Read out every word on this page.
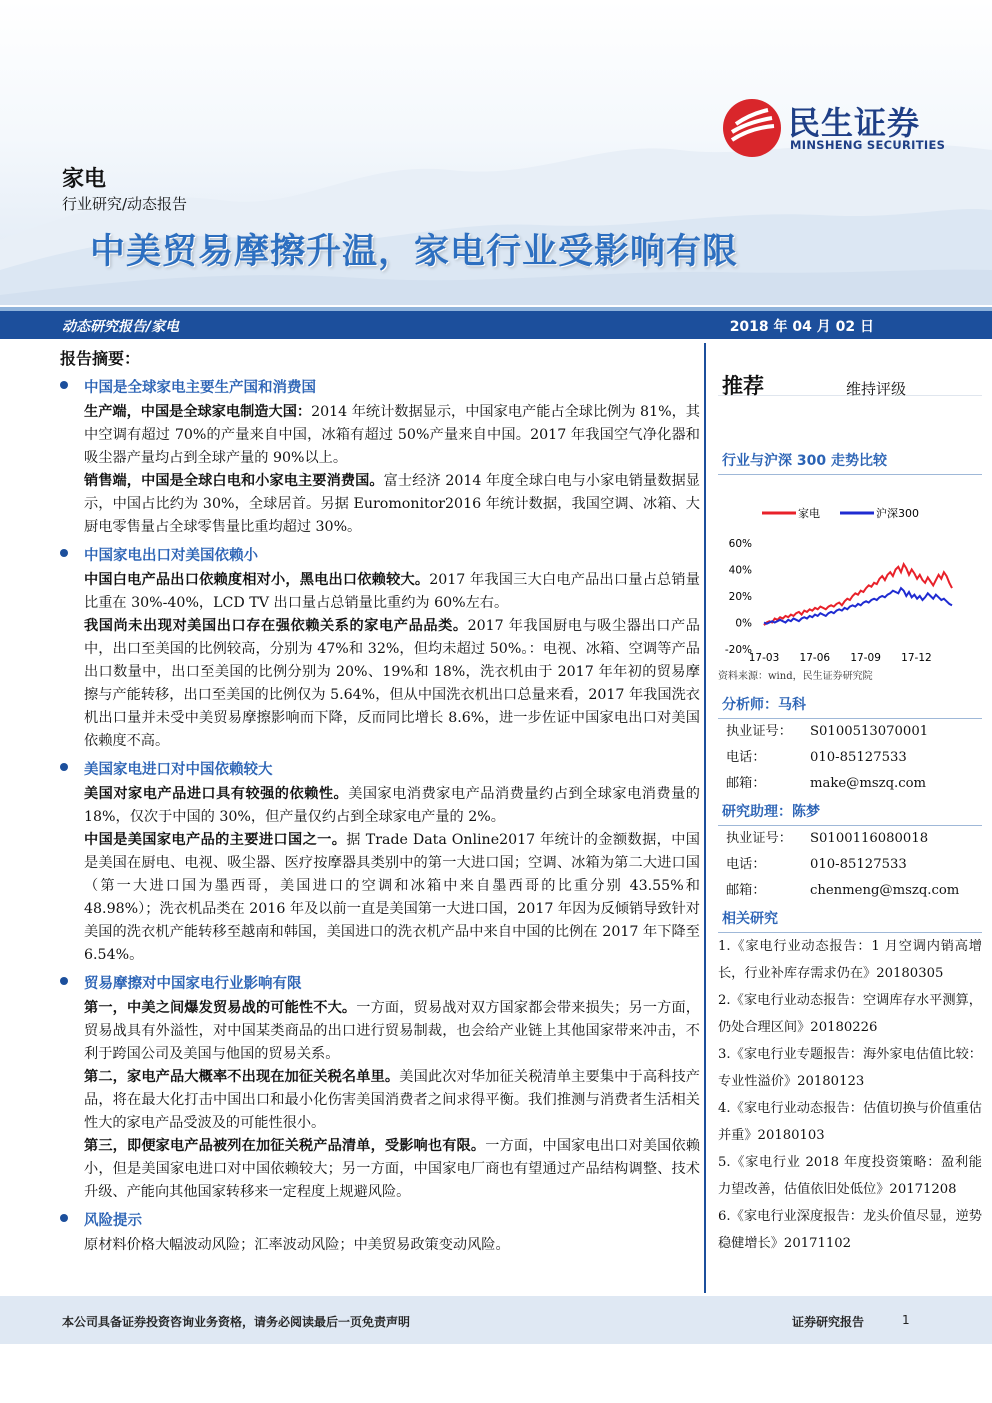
民生证券
MINSHENG SECURITIES
家电
行业研究/动态报告
中美贸易摩擦升温，家电行业受影响有限
动态研究报告/家电	2018 年 04 月 02 日
报告摘要：
中国是全球家电主要生产国和消费国
生产端，中国是全球家电制造大国：2014 年统计数据显示，中国家电产能占全球比例为 81%，其中空调有超过 70%的产量来自中国，冰箱有超过 50%产量来自中国。2017 年我国空气净化器和吸尘器产量均占到全球产量的 90%以上。
销售端，中国是全球白电和小家电主要消费国。富士经济 2014 年度全球白电与小家电销量数据显示，中国占比约为 30%，全球居首。另据 Euromonitor2016 年统计数据，我国空调、冰箱、大厨电零售量占全球零售量比重均超过 30%。
中国家电出口对美国依赖小
中国白电产品出口依赖度相对小，黑电出口依赖较大。2017 年我国三大白电产品出口量占总销量比重在 30%-40%，LCD TV 出口量占总销量比重约为 60%左右。
我国尚未出现对美国出口存在强依赖关系的家电产品品类。2017 年我国厨电与吸尘器出口产品中，出口至美国的比例较高，分别为 47%和 32%，但均未超过 50%。：电视、冰箱、空调等产品出口数量中，出口至美国的比例分别为 20%、19%和 18%，洗衣机由于 2017 年年初的贸易摩擦与产能转移，出口至美国的比例仅为 5.64%，但从中国洗衣机出口总量来看，2017 年我国洗衣机出口量并未受中美贸易摩擦影响而下降，反而同比增长 8.6%，进一步佐证中国家电出口对美国依赖度不高。
美国家电进口对中国依赖较大
美国对家电产品进口具有较强的依赖性。美国家电消费家电产品消费量约占到全球家电消费量的 18%，仅次于中国的 30%，但产量仅约占到全球家电产量的 2%。
中国是美国家电产品的主要进口国之一。据 Trade Data Online2017 年统计的金额数据，中国是美国在厨电、电视、吸尘器、医疗按摩器具类别中的第一大进口国；空调、冰箱为第二大进口国（第一大进口国为墨西哥，美国进口的空调和冰箱中来自墨西哥的比重分别 43.55%和 48.98%）；洗衣机品类在 2016 年及以前一直是美国第一大进口国，2017 年因为反倾销导致针对美国的洗衣机产能转移至越南和韩国，美国进口的洗衣机产品中来自中国的比例在 2017 年下降至 6.54%。
贸易摩擦对中国家电行业影响有限
第一，中美之间爆发贸易战的可能性不大。一方面，贸易战对双方国家都会带来损失；另一方面，贸易战具有外溢性，对中国某类商品的出口进行贸易制裁，也会给产业链上其他国家带来冲击，不利于跨国公司及美国与他国的贸易关系。
第二，家电产品大概率不出现在加征关税名单里。美国此次对华加征关税清单主要集中于高科技产品，将在最大化打击中国出口和最小化伤害美国消费者之间求得平衡。我们推测与消费者生活相关性大的家电产品受波及的可能性很小。
第三，即便家电产品被列在加征关税产品清单，受影响也有限。一方面，中国家电出口对美国依赖小，但是美国家电进口对中国依赖较大；另一方面，中国家电厂商也有望通过产品结构调整、技术升级、产能向其他国家转移来一定程度上规避风险。
风险提示
原材料价格大幅波动风险；汇率波动风险；中美贸易政策变动风险。
推荐	维持评级
行业与沪深 300 走势比较
家电	沪深300
60%
40%
20%
0%
-20%
17-03 17-06 17-09 17-12
资料来源：wind，民生证券研究院
分析师：马科
执业证号：	S0100513070001
电话：	010-85127533
邮箱：	make@mszq.com
研究助理：陈梦
执业证号：	S0100116080018
电话：	010-85127533
邮箱：	chenmeng@mszq.com
相关研究
1.《家电行业动态报告：1 月空调内销高增长，行业补库存需求仍在》20180305
2.《家电行业动态报告：空调库存水平测算，仍处合理区间》20180226
3.《家电行业专题报告：海外家电估值比较：专业性溢价》20180123
4.《家电行业动态报告：估值切换与价值重估并重》20180103
5.《家电行业 2018 年度投资策略：盈利能力望改善，估值依旧处低位》20171208
6.《家电行业深度报告：龙头价值尽显，逆势稳健增长》20171102
本公司具备证券投资咨询业务资格，请务必阅读最后一页免责声明	证券研究报告	1
